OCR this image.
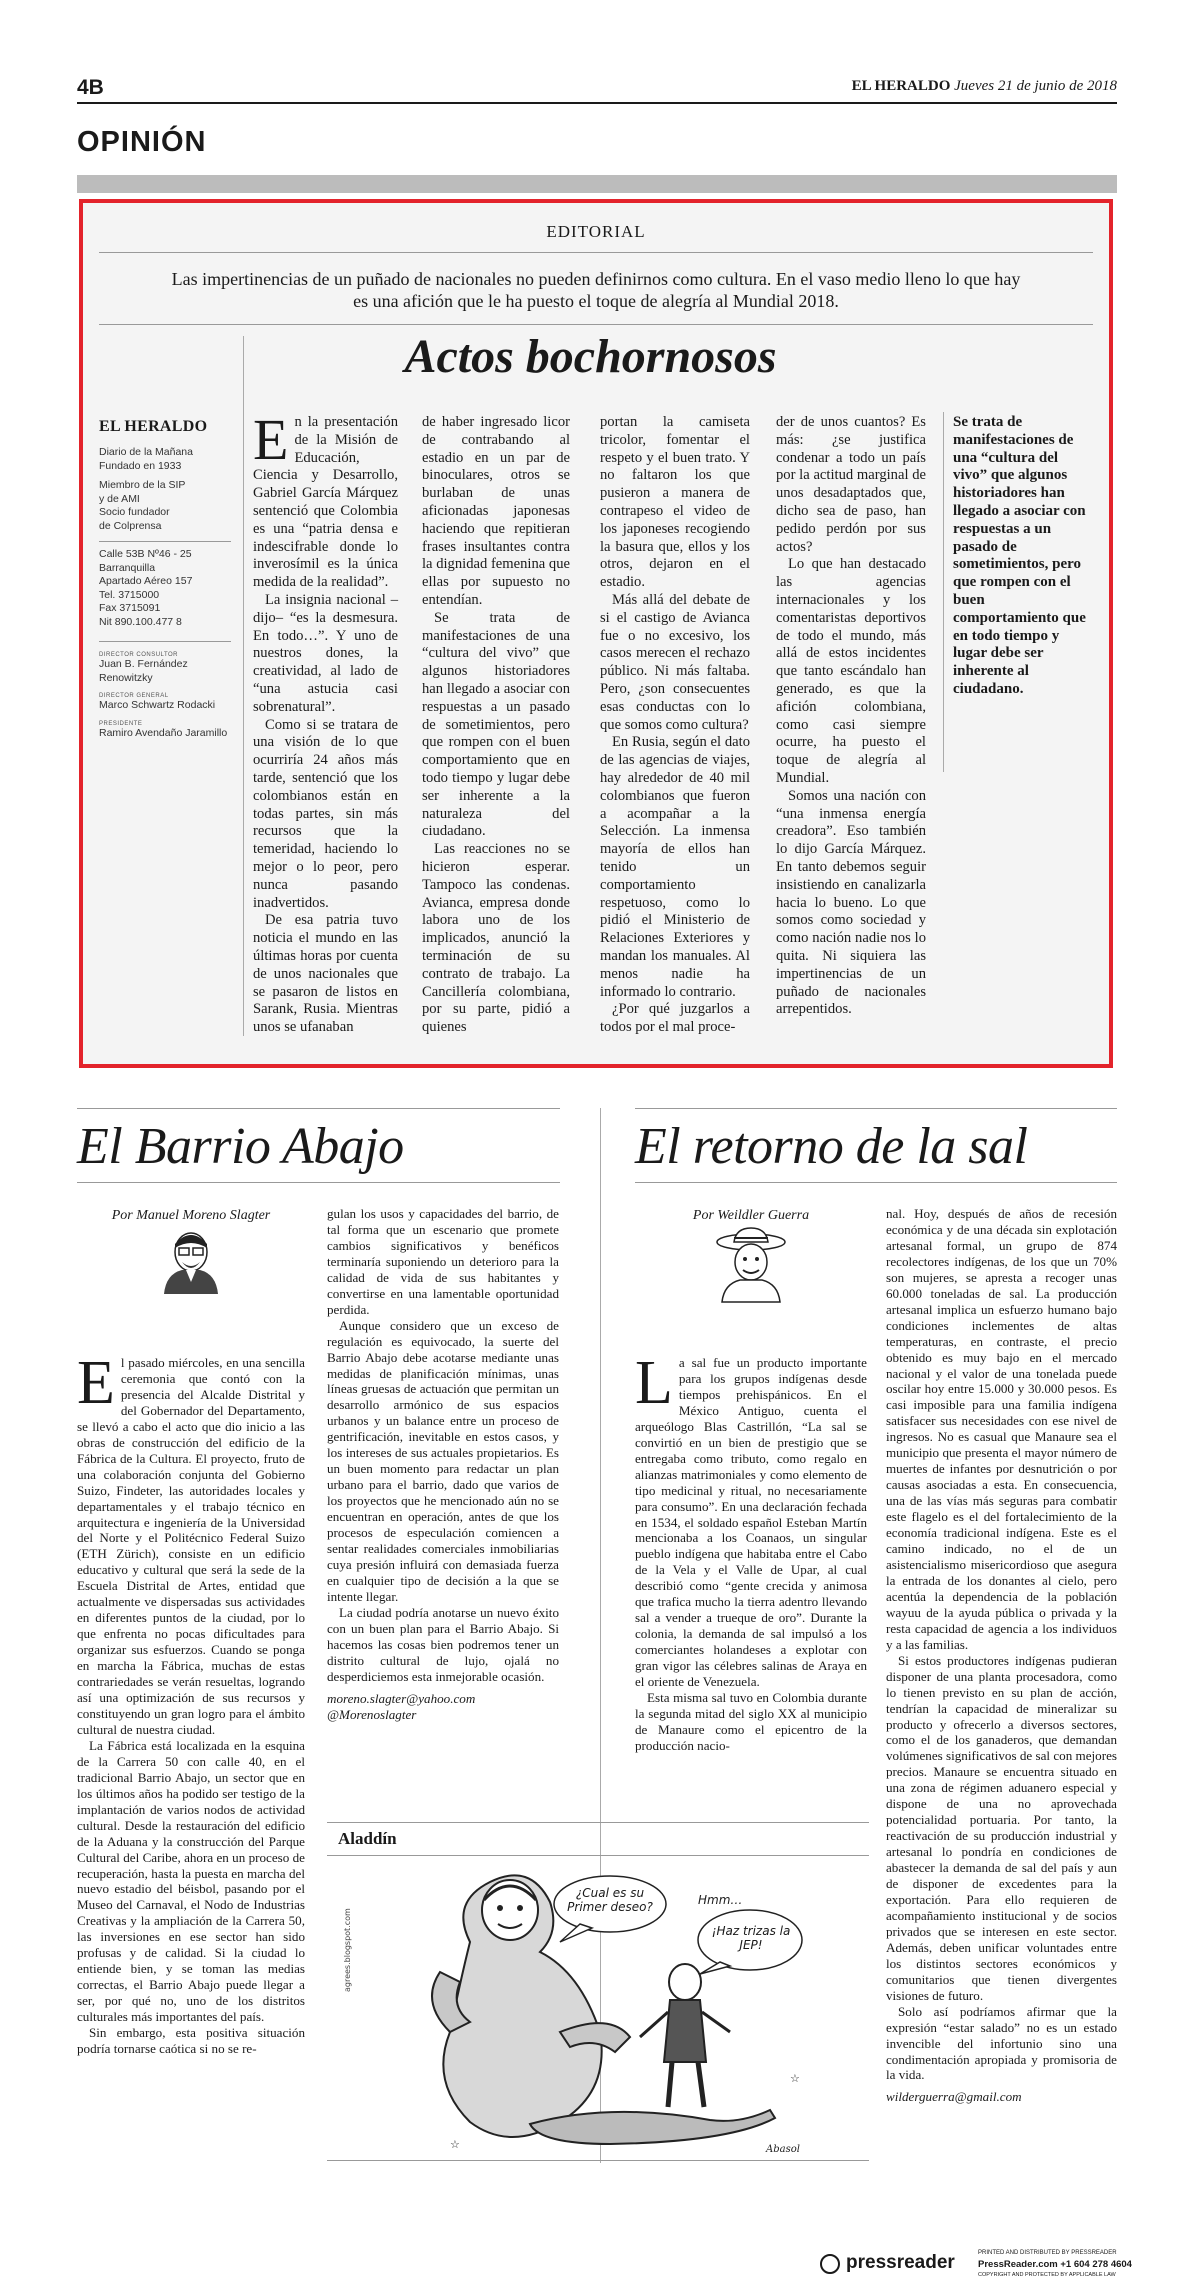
4B	EL HERALDO Jueves 21 de junio de 2018
OPINIÓN
EDITORIAL
Las impertinencias de un puñado de nacionales no pueden definirnos como cultura. En el vaso medio lleno lo que hay es una afición que le ha puesto el toque de alegría al Mundial 2018.
Actos bochornosos
EL HERALDO
Diario de la Mañana
Fundado en 1933
Miembro de la SIP
y de AMI
Socio fundador
de Colprensa
Calle 53B Nº46 - 25
Barranquilla
Apartado Aéreo 157
Tel. 3715000
Fax 3715091
Nit 890.100.477 8
DIRECTOR CONSULTOR
Juan B. Fernández Renowitzky
DIRECTOR GENERAL
Marco Schwartz Rodacki
PRESIDENTE
Ramiro Avendaño Jaramillo
E n la presentación de la Misión de Educación, Ciencia y Desarrollo, Gabriel García Márquez sentenció que Colombia es una “patria densa e indescifrable donde lo inverosímil es la única medida de la realidad”.

La insignia nacional –dijo– “es la desmesura. En todo…”. Y uno de nuestros dones, la creatividad, al lado de “una astucia casi sobrenatural”.

Como si se tratara de una visión de lo que ocurriría 24 años más tarde, sentenció que los colombianos están en todas partes, sin más recursos que la temeridad, haciendo lo mejor o lo peor, pero nunca pasando inadvertidos.

De esa patria tuvo noticia el mundo en las últimas horas por cuenta de unos nacionales que se pasaron de listos en Sarank, Rusia. Mientras unos se ufanaban

de haber ingresado licor de contrabando al estadio en un par de binoculares, otros se burlaban de unas aficionadas japonesas haciendo que repitieran frases insultantes contra la dignidad femenina que ellas por supuesto no entendían.

Se trata de manifestaciones de una “cultura del vivo” que algunos historiadores han llegado a asociar con respuestas a un pasado de sometimientos, pero que rompen con el buen comportamiento que en todo tiempo y lugar debe ser inherente a la naturaleza del ciudadano.

Las reacciones no se hicieron esperar. Tampoco las condenas. Avianca, empresa donde labora uno de los implicados, anunció la terminación de su contrato de trabajo. La Cancillería colombiana, por su parte, pidió a quienes

portan la camiseta tricolor, fomentar el respeto y el buen trato. Y no faltaron los que pusieron a manera de contrapeso el video de los japoneses recogiendo la basura que, ellos y los otros, dejaron en el estadio.

Más allá del debate de si el castigo de Avianca fue o no excesivo, los casos merecen el rechazo público. Ni más faltaba. Pero, ¿son consecuentes esas conductas con lo que somos como cultura?

En Rusia, según el dato de las agencias de viajes, hay alrededor de 40 mil colombianos que fueron a acompañar a la Selección. La inmensa mayoría de ellos han tenido un comportamiento respetuoso, como lo pidió el Ministerio de Relaciones Exteriores y mandan los manuales. Al menos nadie ha informado lo contrario.

¿Por qué juzgarlos a todos por el mal proce-

der de unos cuantos? Es más: ¿se justifica condenar a todo un país por la actitud marginal de unos desadaptados que, dicho sea de paso, han pedido perdón por sus actos?

Lo que han destacado las agencias internacionales y los comentaristas deportivos de todo el mundo, más allá de estos incidentes que tanto escándalo han generado, es que la afición colombiana, como casi siempre ocurre, ha puesto el toque de alegría al Mundial.

Somos una nación con “una inmensa energía creadora”. Eso también lo dijo García Márquez. En tanto debemos seguir insistiendo en canalizarla hacia lo bueno. Lo que somos como sociedad y como nación nadie nos lo quita. Ni siquiera las impertinencias de un puñado de nacionales arrepentidos.

Se trata de manifestaciones de una “cultura del vivo” que algunos historiadores han llegado a asociar con respuestas a un pasado de sometimientos, pero que rompen con el buen comportamiento que en todo tiempo y lugar debe ser inherente al ciudadano.
El Barrio Abajo
Por Manuel Moreno Slagter
E l pasado miércoles, en una sencilla ceremonia que contó con la presencia del Alcalde Distrital y del Gobernador del Departamento, se llevó a cabo el acto que dio inicio a las obras de construcción del edificio de la Fábrica de la Cultura. El proyecto, fruto de una colaboración conjunta del Gobierno Suizo, Findeter, las autoridades locales y departamentales y el trabajo técnico en arquitectura e ingeniería de la Universidad del Norte y el Politécnico Federal Suizo (ETH Zürich), consiste en un edificio educativo y cultural que será la sede de la Escuela Distrital de Artes, entidad que actualmente ve dispersadas sus actividades en diferentes puntos de la ciudad, por lo que enfrenta no pocas dificultades para organizar sus esfuerzos. Cuando se ponga en marcha la Fábrica, muchas de estas contrariedades se verán resueltas, logrando así una optimización de sus recursos y constituyendo un gran logro para el ámbito cultural de nuestra ciudad.

La Fábrica está localizada en la esquina de la Carrera 50 con calle 40, en el tradicional Barrio Abajo, un sector que en los últimos años ha podido ser testigo de la implantación de varios nodos de actividad cultural. Desde la restauración del edificio de la Aduana y la construcción del Parque Cultural del Caribe, ahora en un proceso de recuperación, hasta la puesta en marcha del nuevo estadio del béisbol, pasando por el Museo del Carnaval, el Nodo de Industrias Creativas y la ampliación de la Carrera 50, las inversiones en ese sector han sido profusas y de calidad. Si la ciudad lo entiende bien, y se toman las medias correctas, el Barrio Abajo puede llegar a ser, por qué no, uno de los distritos culturales más importantes del país.

Sin embargo, esta positiva situación podría tornarse caótica si no se re-

gulan los usos y capacidades del barrio, de tal forma que un escenario que promete cambios significativos y benéficos terminaría suponiendo un deterioro para la calidad de vida de sus habitantes y convertirse en una lamentable oportunidad perdida.

Aunque considero que un exceso de regulación es equivocado, la suerte del Barrio Abajo debe acotarse mediante unas medidas de planificación mínimas, unas líneas gruesas de actuación que permitan un desarrollo armónico de sus espacios urbanos y un balance entre un proceso de gentrificación, inevitable en estos casos, y los intereses de sus actuales propietarios. Es un buen momento para redactar un plan urbano para el barrio, dado que varios de los proyectos que he mencionado aún no se encuentran en operación, antes de que los procesos de especulación comiencen a sentar realidades comerciales inmobiliarias cuya presión influirá con demasiada fuerza en cualquier tipo de decisión a la que se intente llegar.

La ciudad podría anotarse un nuevo éxito con un buen plan para el Barrio Abajo. Si hacemos las cosas bien podremos tener un distrito cultural de lujo, ojalá no desperdiciemos esta inmejorable ocasión.

moreno.slagter@yahoo.com

@Morenoslagter

Aladdín
Hmm…
agrees.blogspot.com
Abasol
☆
☆
¿Cual es su Primer deseo?
¡Haz trizas la JEP!
El retorno de la sal
Por Weildler Guerra
L a sal fue un producto importante para los grupos indígenas desde tiempos prehispánicos. En el México Antiguo, cuenta el arqueólogo Blas Castrillón, “La sal se convirtió en un bien de prestigio que se entregaba como tributo, como regalo en alianzas matrimoniales y como elemento de tipo medicinal y ritual, no necesariamente para consumo”. En una declaración fechada en 1534, el soldado español Esteban Martín mencionaba a los Coanaos, un singular pueblo indígena que habitaba entre el Cabo de la Vela y el Valle de Upar, al cual describió como “gente crecida y animosa que trafica mucho la tierra adentro llevando sal a vender a trueque de oro”. Durante la colonia, la demanda de sal impulsó a los comerciantes holandeses a explotar con gran vigor las célebres salinas de Araya en el oriente de Venezuela.

Esta misma sal tuvo en Colombia durante la segunda mitad del siglo XX al municipio de Manaure como el epicentro de la producción nacio-

nal. Hoy, después de años de recesión económica y de una década sin explotación artesanal formal, un grupo de 874 recolectores indígenas, de los que un 70% son mujeres, se apresta a recoger unas 60.000 toneladas de sal. La producción artesanal implica un esfuerzo humano bajo condiciones inclementes de altas temperaturas, en contraste, el precio obtenido es muy bajo en el mercado nacional y el valor de una tonelada puede oscilar hoy entre 15.000 y 30.000 pesos. Es casi imposible para una familia indígena satisfacer sus necesidades con ese nivel de ingresos. No es casual que Manaure sea el municipio que presenta el mayor número de muertes de infantes por desnutrición o por causas asociadas a esta. En consecuencia, una de las vías más seguras para combatir este flagelo es el del fortalecimiento de la economía tradicional indígena. Este es el camino indicado, no el de un asistencialismo misericordioso que asegura la entrada de los donantes al cielo, pero acentúa la dependencia de la población wayuu de la ayuda pública o privada y la resta capacidad de agencia a los individuos y a las familias.

Si estos productores indígenas pudieran disponer de una planta procesadora, como lo tienen previsto en su plan de acción, tendrían la capacidad de mineralizar su producto y ofrecerlo a diversos sectores, como el de los ganaderos, que demandan volúmenes significativos de sal con mejores precios. Manaure se encuentra situado en una zona de régimen aduanero especial y dispone de una no aprovechada potencialidad portuaria. Por tanto, la reactivación de su producción industrial y artesanal lo pondría en condiciones de abastecer la demanda de sal del país y aun de disponer de excedentes para la exportación. Para ello requieren de acompañamiento institucional y de socios privados que se interesen en este sector. Además, deben unificar voluntades entre los distintos sectores económicos y comunitarios que tienen divergentes visiones de futuro.

Solo así podríamos afirmar que la expresión “estar salado” no es un estado invencible del infortunio sino una condimentación apropiada y promisoria de la vida.

wilderguerra@gmail.com

pressreader	PRINTED AND DISTRIBUTED BY PRESSREADER
PressReader.com +1 604 278 4604
COPYRIGHT AND PROTECTED BY APPLICABLE LAW
